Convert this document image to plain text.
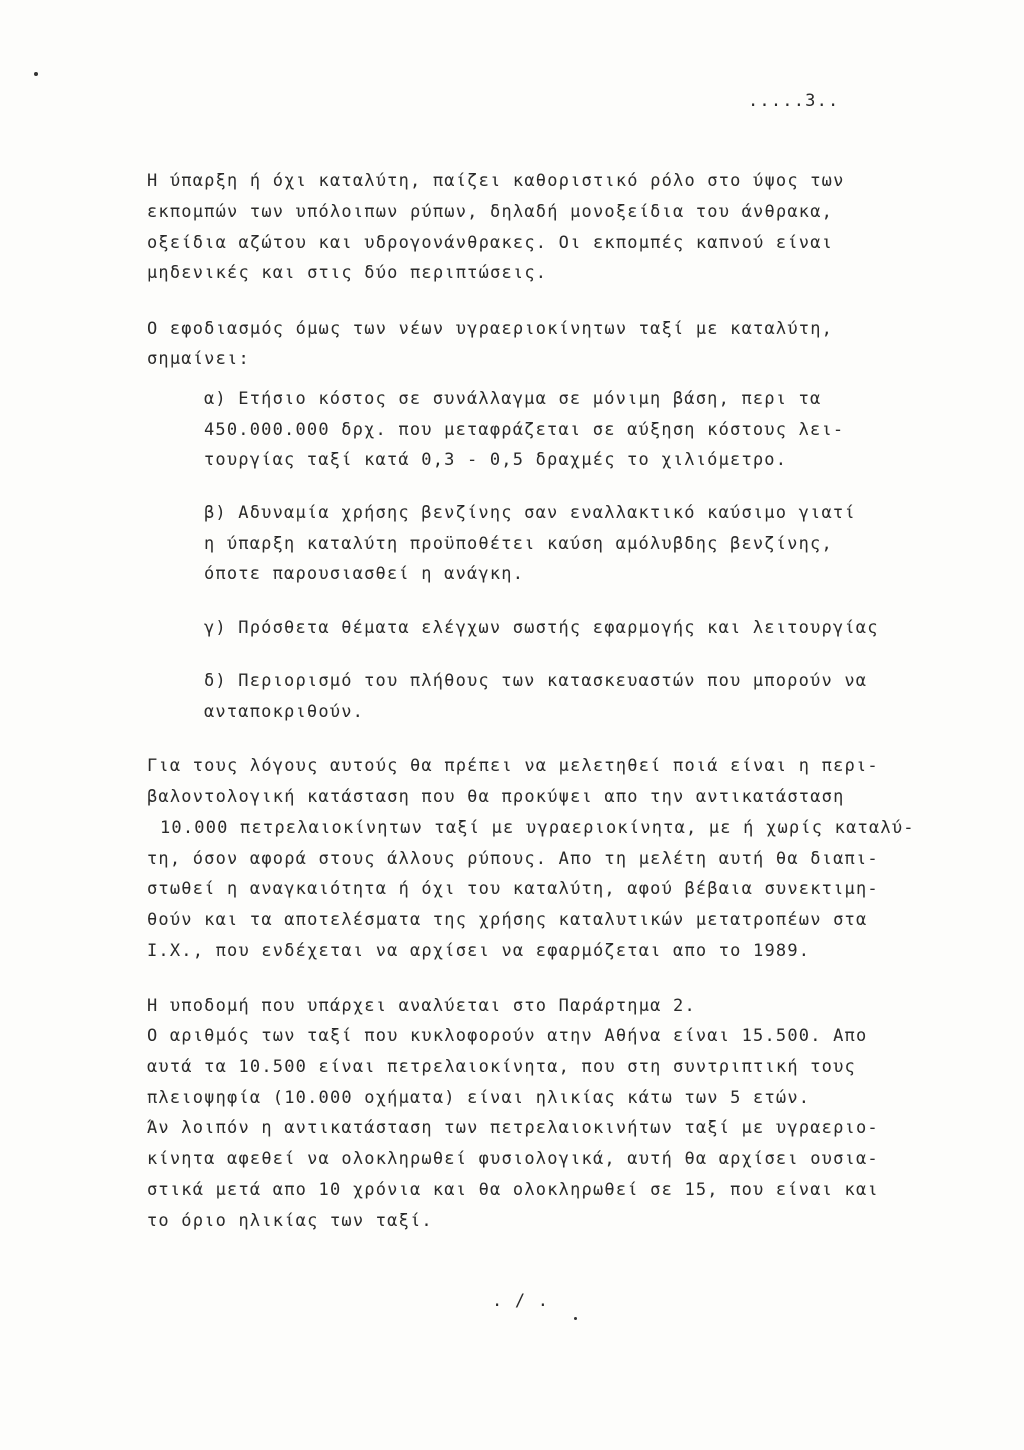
.....3..
Η ύπαρξη ή όχι καταλύτη, παίζει καθοριστικό ρόλο στο ύψος των
εκπομπών των υπόλοιπων ρύπων, δηλαδή μονοξείδια του άνθρακα,
οξείδια αζώτου και υδρογονάνθρακες. Οι εκπομπές καπνού είναι
μηδενικές και στις δύο περιπτώσεις.
Ο εφοδιασμός όμως των νέων υγραεριοκίνητων ταξί με καταλύτη,
σημαίνει:
α) Ετήσιο κόστος σε συνάλλαγμα σε μόνιμη βάση, περι τα
450.000.000 δρχ. που μεταφράζεται σε αύξηση κόστους λει-
τουργίας ταξί κατά 0,3 - 0,5 δραχμές το χιλιόμετρο.
β) Αδυναμία χρήσης βενζίνης σαν εναλλακτικό καύσιμο γιατί
η ύπαρξη καταλύτη προϋποθέτει καύση αμόλυβδης βενζίνης,
όποτε παρουσιασθεί η ανάγκη.
γ) Πρόσθετα θέματα ελέγχων σωστής εφαρμογής και λειτουργίας
δ) Περιορισμό του πλήθους των κατασκευαστών που μπορούν να
ανταποκριθούν.
Για τους λόγους αυτούς θα πρέπει να μελετηθεί ποιά είναι η περι-
βαλοντολογική κατάσταση που θα προκύψει απο την αντικατάσταση
10.000 πετρελαιοκίνητων ταξί με υγραεριοκίνητα, με ή χωρίς καταλύ-
τη, όσον αφορά στους άλλους ρύπους. Απο τη μελέτη αυτή θα διαπι-
στωθεί η αναγκαιότητα ή όχι του καταλύτη, αφού βέβαια συνεκτιμη-
θούν και τα αποτελέσματα της χρήσης καταλυτικών μετατροπέων στα
Ι.Χ., που ενδέχεται να αρχίσει να εφαρμόζεται απο το 1989.
Η υποδομή που υπάρχει αναλύεται στο Παράρτημα 2.
Ο αριθμός των ταξί που κυκλοφορούν ατην Αθήνα είναι 15.500. Απο
αυτά τα 10.500 είναι πετρελαιοκίνητα, που στη συντριπτική τους
πλειοψηφία (10.000 οχήματα) είναι ηλικίας κάτω των 5 ετών.
Άν λοιπόν η αντικατάσταση των πετρελαιοκινήτων ταξί με υγραεριο-
κίνητα αφεθεί να ολοκληρωθεί φυσιολογικά, αυτή θα αρχίσει ουσια-
στικά μετά απο 10 χρόνια και θα ολοκληρωθεί σε 15, που είναι και
το όριο ηλικίας των ταξί.
. / .
